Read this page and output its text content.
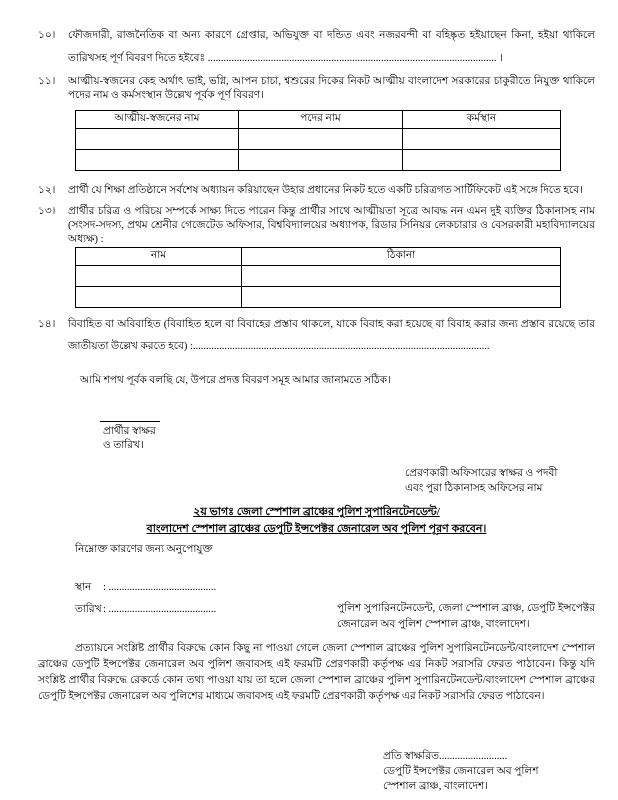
১০।	ফৌজদারী, রাজনৈতিক বা অন্য কারণে গ্রেপ্তার, অভিযুক্ত বা দন্ডিত এবং নজরবন্দী বা বহিষ্কৃত হইয়াছেন কিনা, হইয়া থাকিলে তারিখসহ পূর্ণ বিবরণ দিতে হইবেঃ .............................................................................................................. ।
১১।	আত্মীয়-স্বজনের কেহ অর্থাৎ ভাই, ভগ্নি, আপন চাচা, শ্বশুরের দিকের নিকট আত্মীয় বাংলাদেশ সরকারের চাকুরীতে নিযুক্ত থাকিলে পদের নাম ও কর্মসংস্থান উল্লেখ পূর্বক পূর্ণ বিবরণ।
আত্মীয়-স্বজনের নাম	পদের নাম	কর্মস্থান

১২।	প্রার্থী যে শিক্ষা প্রতিষ্ঠানে সর্বশেষ অধ্যায়ন করিয়াছেন উহার প্রধানের নিকট হতে একটি চরিত্রগত সার্টিফিকেট এই সঙ্গে দিতে হবে।
১৩।	প্রার্থীর চরিত্র ও পরিচয় সম্পর্কে সাক্ষ্য দিতে পারেন কিন্তু প্রার্থীর সাথে আত্মীয়তা সূত্রে আবদ্ধ নন এমন দুই ব্যক্তির ঠিকানাসহ নাম (সংসদ-সদস্য, প্রথম শ্রেনীর গেজেটেড অফিসার, বিশ্ববিদ্যালয়ের অধ্যাপক, রিডার সিনিয়র লেকচারার ও বেসরকারী মহাবিদ্যালয়ের অধ্যক্ষ) :
নাম	ঠিকানা

১৪।	বিবাহিত বা অবিবাহিত (বিবাহিত হলে বা বিবাহের প্রস্তাব থাকলে, যাকে বিবাহ করা হয়েছে বা বিবাহ করার জন্য প্রস্তাব রয়েছে তার জাতীয়তা উল্লেখ করতে হবে) :.................................................................................................................
আমি শপথ পূর্বক বলছি যে, উপরে প্রদত্ত বিবরণ সমূহ আমার জানামতে সঠিক।
প্রার্থীর স্বাক্ষর
ও তারিখ।
প্রেরণকারী অফিসারের স্বাক্ষর ও পদবী
এবং পুরা ঠিকানাসহ অফিসের নাম
২য় ভাগঃ জেলা স্পেশাল ব্রাঞ্চের পুলিশ সুপারিনটেনডেন্ট/
বাংলাদেশ স্পেশাল ব্রাঞ্চের ডেপুটি ইন্সপেক্টর জেনারেল অব পুলিশ পূরণ করবেন।
নিম্নোক্ত কারণের জন্য অনুপোযুক্ত
স্থান : .........................................
তারিখ: .........................................	পুলিশ সুপারিনটেনডেন্ট, জেলা স্পেশাল ব্রাঞ্চ, ডেপুটি ইন্সপেক্টর জেনারেল অব পুলিশ স্পেশাল ব্রাঞ্চ, বাংলাদেশ।
প্রত্যায়নে সংশ্লিষ্ট প্রার্থীর বিরুদ্ধে কোন কিছু না পাওয়া গেলে জেলা স্পেশাল ব্রাঞ্চের পুলিশ সুপারিনটেনডেন্ট/বাংলাদেশ স্পেশাল ব্রাঞ্চের ডেপুটি ইন্সপেক্টর জেনারেল অব পুলিশ জবাবসহ এই ফরমটি প্রেরণকারী কর্তৃপক্ষ এর নিকট সরাসরি ফেরত পাঠাবেন। কিন্তু যদি সংশ্লিষ্ট প্রার্থীর বিরুদ্ধে রেকর্ডে কোন তথ্য পাওয়া যায় তা হলে জেলা স্পেশাল ব্রাঞ্চের পুলিশ সুপারিনটেনডেন্ট/বাংলাদেশ স্পেশাল ব্রাঞ্চের ডেপুটি ইন্সপেক্টর জেনারেল অব পুলিশের মাধ্যমে জবাবসহ এই ফরমটি প্রেরণকারী কর্তৃপক্ষ এর নিকট সরাসরি ফেরত পাঠাবেন।
প্রতি স্বাক্ষরিত..........................
ডেপুটি ইন্সপেক্টর জেনারেল অব পুলিশ
স্পেশাল ব্রাঞ্চ, বাংলাদেশ।
